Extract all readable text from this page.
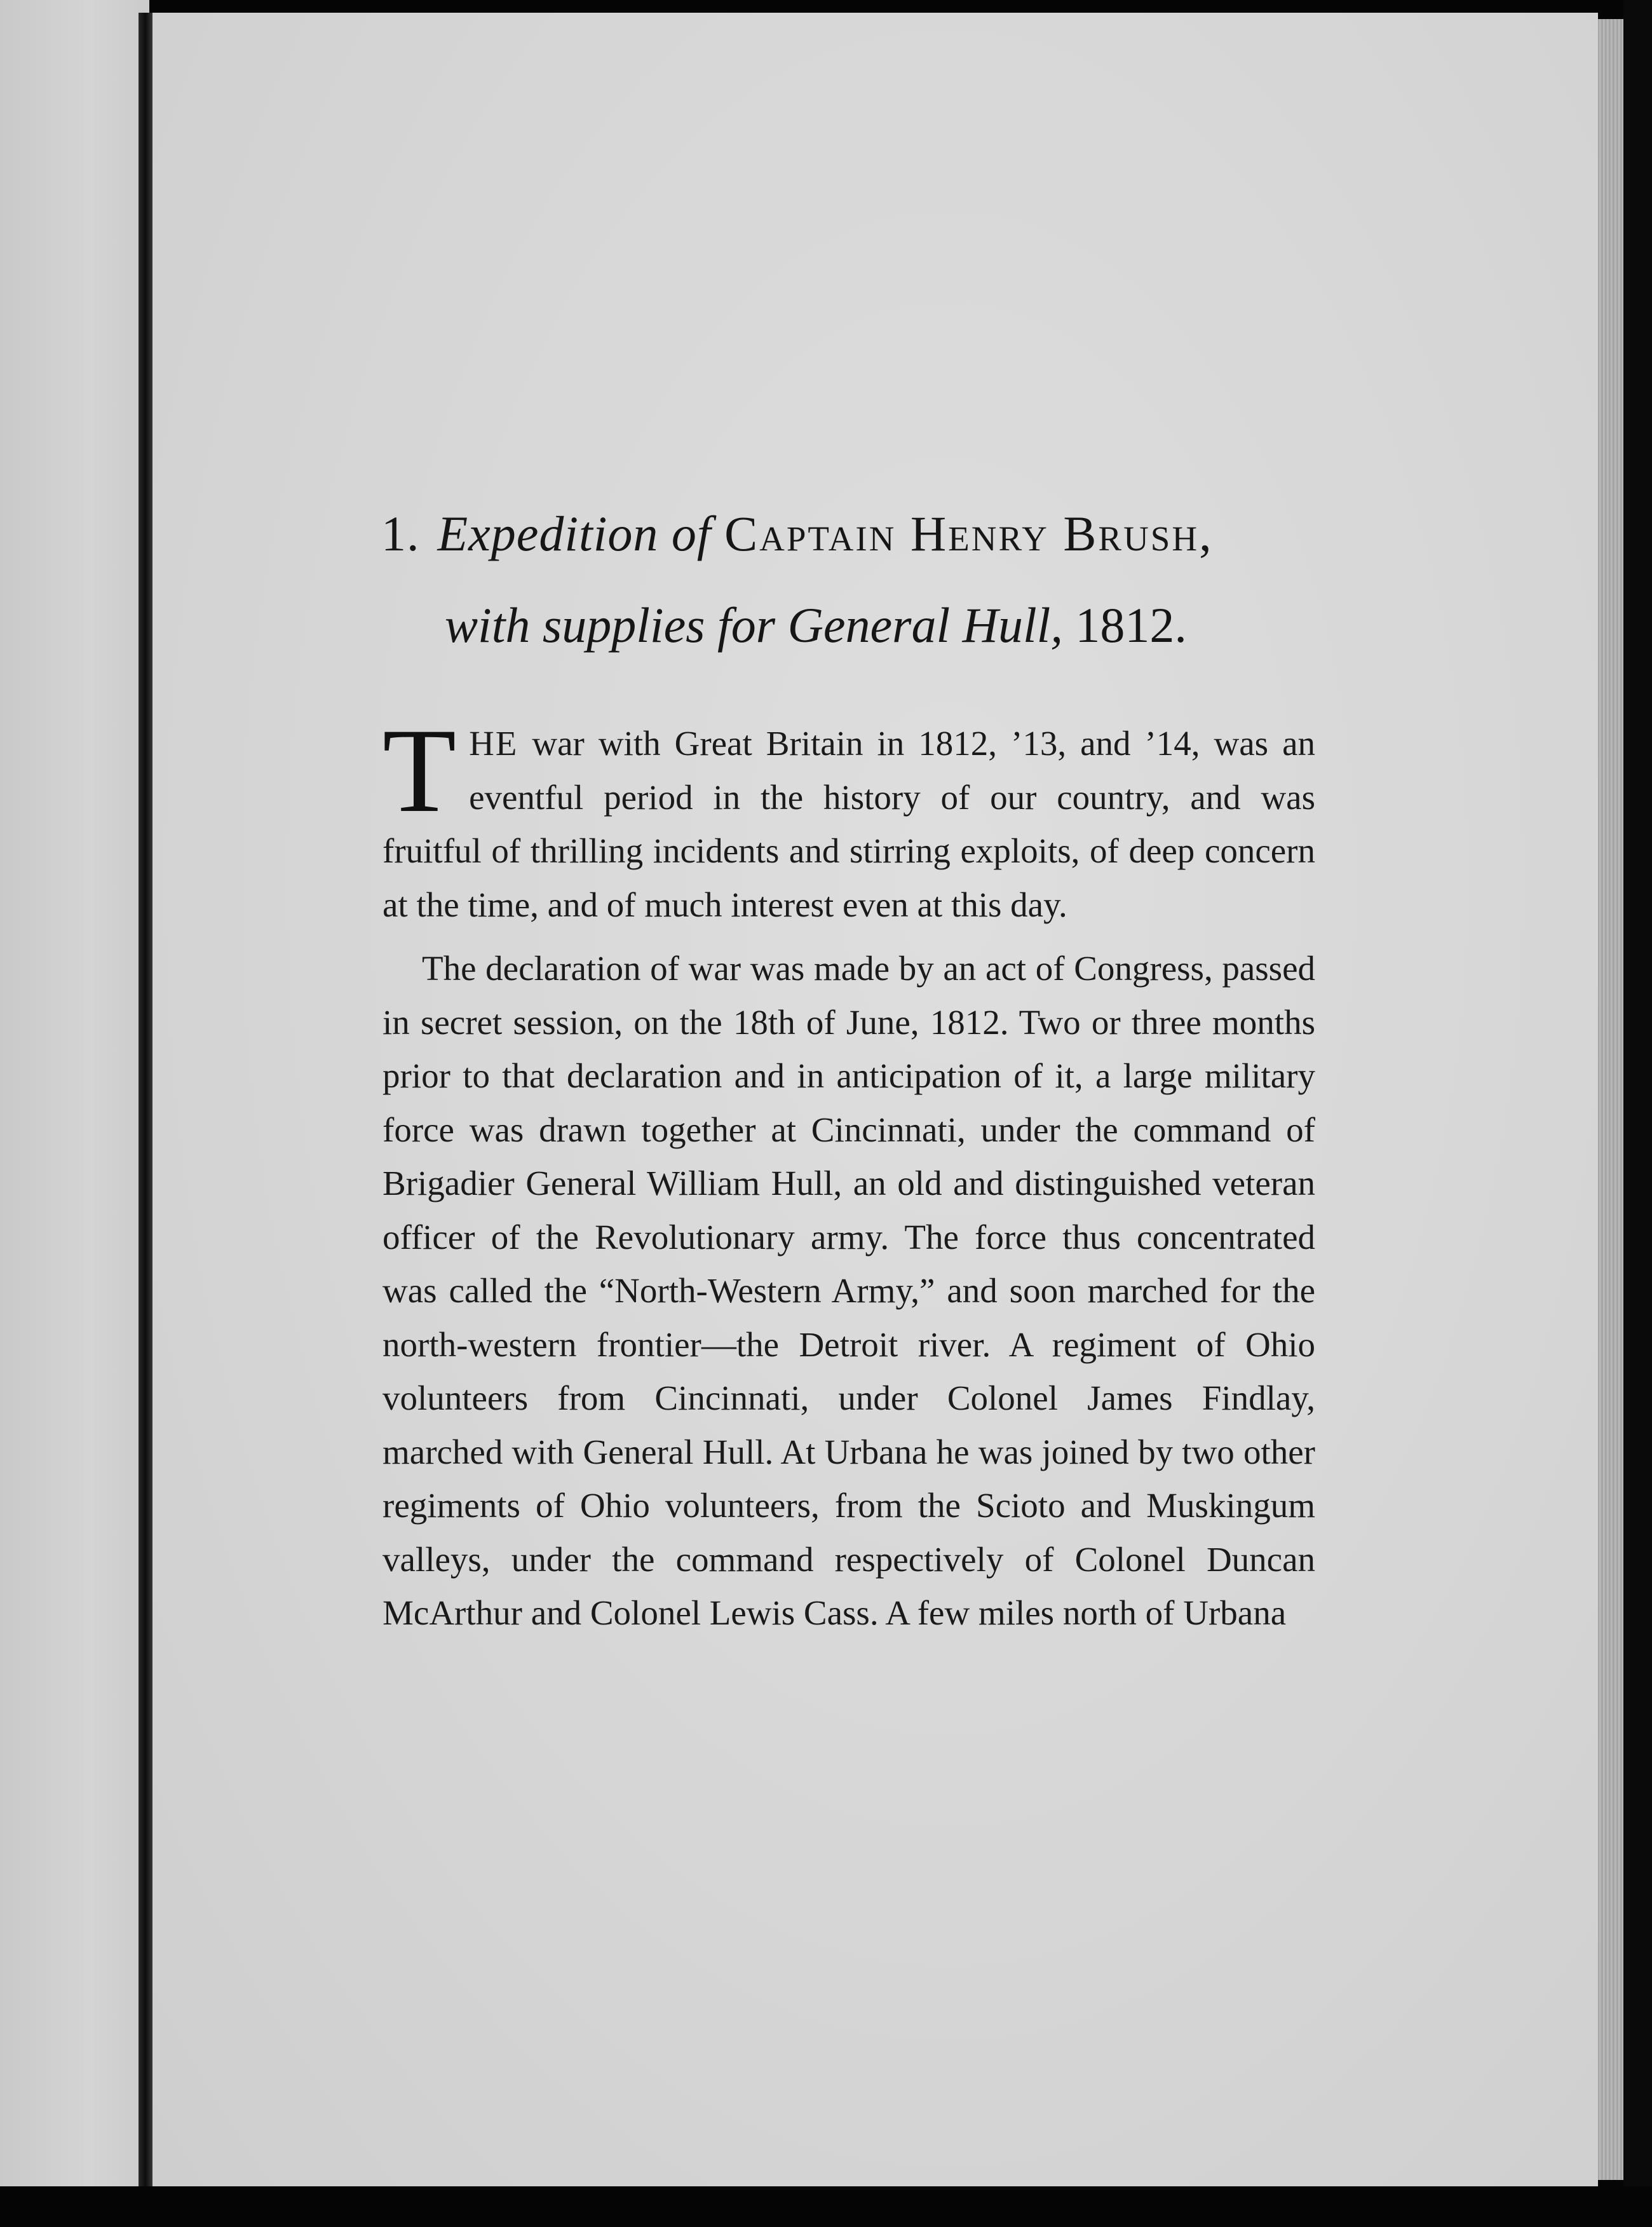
1. Expedition of Captain Henry Brush,
with supplies for General Hull, 1812.

THE war with Great Britain in 1812, ’13, and ’14, was an eventful period in the history of our country, and was fruitful of thrilling incidents and stirring exploits, of deep concern at the time, and of much interest even at this day.

The declaration of war was made by an act of Congress, passed in secret session, on the 18th of June, 1812. Two or three months prior to that declaration and in anticipation of it, a large military force was drawn together at Cincinnati, under the command of Brigadier General William Hull, an old and distinguished veteran officer of the Revolutionary army. The force thus concentrated was called the “North-Western Army,” and soon marched for the north-western frontier—the Detroit river. A regiment of Ohio volunteers from Cincinnati, under Colonel James Findlay, marched with General Hull. At Urbana he was joined by two other regiments of Ohio volunteers, from the Scioto and Muskingum valleys, under the command respectively of Colonel Duncan McArthur and Colonel Lewis Cass. A few miles north of Urbana
